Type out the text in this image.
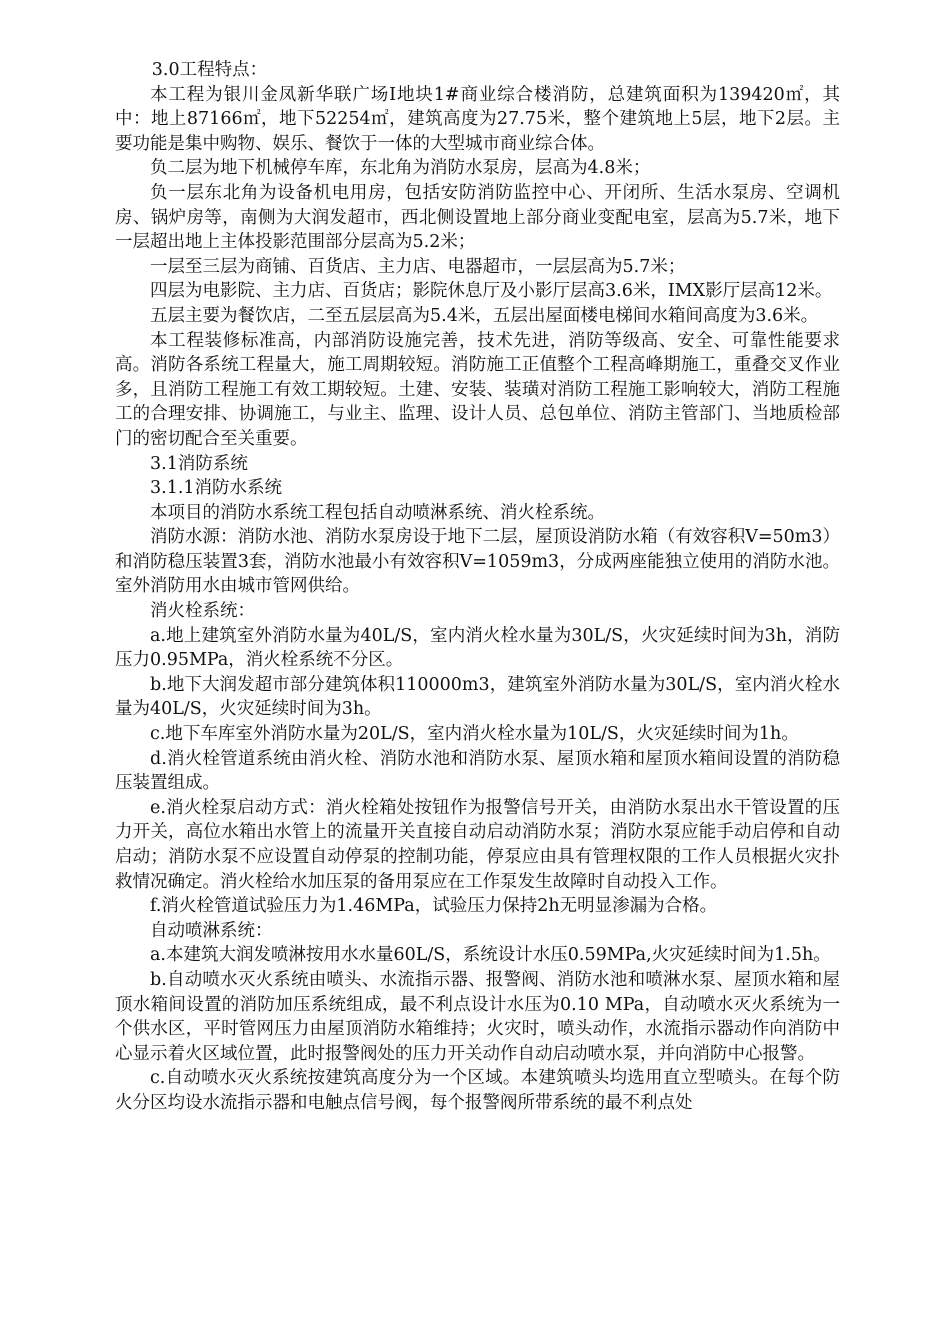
3.0工程特点：

本工程为银川金凤新华联广场Ⅰ地块1#商业综合楼消防，总建筑面积为139420㎡，其中：地上87166㎡，地下52254㎡，建筑高度为27.75米，整个建筑地上5层，地下2层。主要功能是集中购物、娱乐、餐饮于一体的大型城市商业综合体。

负二层为地下机械停车库，东北角为消防水泵房，层高为4.8米；

负一层东北角为设备机电用房，包括安防消防监控中心、开闭所、生活水泵房、空调机房、锅炉房等，南侧为大润发超市，西北侧设置地上部分商业变配电室，层高为5.7米，地下一层超出地上主体投影范围部分层高为5.2米；

一层至三层为商铺、百货店、主力店、电器超市，一层层高为5.7米；

四层为电影院、主力店、百货店；影院休息厅及小影厅层高3.6米，IMX影厅层高12米。

五层主要为餐饮店，二至五层层高为5.4米，五层出屋面楼电梯间水箱间高度为3.6米。

本工程装修标准高，内部消防设施完善，技术先进，消防等级高、安全、可靠性能要求高。消防各系统工程量大，施工周期较短。消防施工正值整个工程高峰期施工，重叠交叉作业多，且消防工程施工有效工期较短。土建、安装、装璜对消防工程施工影响较大，消防工程施工的合理安排、协调施工，与业主、监理、设计人员、总包单位、消防主管部门、当地质检部门的密切配合至关重要。

3.1消防系统

3.1.1消防水系统

本项目的消防水系统工程包括自动喷淋系统、消火栓系统。

消防水源：消防水池、消防水泵房设于地下二层，屋顶设消防水箱（有效容积V=50m3）和消防稳压装置3套，消防水池最小有效容积V=1059m3，分成两座能独立使用的消防水池。室外消防用水由城市管网供给。

消火栓系统：

a.地上建筑室外消防水量为40L/S，室内消火栓水量为30L/S，火灾延续时间为3h，消防压力0.95MPa，消火栓系统不分区。

b.地下大润发超市部分建筑体积110000m3，建筑室外消防水量为30L/S，室内消火栓水量为40L/S，火灾延续时间为3h。

c.地下车库室外消防水量为20L/S，室内消火栓水量为10L/S，火灾延续时间为1h。

d.消火栓管道系统由消火栓、消防水池和消防水泵、屋顶水箱和屋顶水箱间设置的消防稳压装置组成。

e.消火栓泵启动方式：消火栓箱处按钮作为报警信号开关，由消防水泵出水干管设置的压力开关，高位水箱出水管上的流量开关直接自动启动消防水泵；消防水泵应能手动启停和自动启动；消防水泵不应设置自动停泵的控制功能，停泵应由具有管理权限的工作人员根据火灾扑救情况确定。消火栓给水加压泵的备用泵应在工作泵发生故障时自动投入工作。

f.消火栓管道试验压力为1.46MPa，试验压力保持2h无明显渗漏为合格。

自动喷淋系统：

a.本建筑大润发喷淋按用水水量60L/S，系统设计水压0.59MPa,火灾延续时间为1.5h。

b.自动喷水灭火系统由喷头、水流指示器、报警阀、消防水池和喷淋水泵、屋顶水箱和屋顶水箱间设置的消防加压系统组成，最不利点设计水压为0.10 MPa，自动喷水灭火系统为一个供水区，平时管网压力由屋顶消防水箱维持；火灾时，喷头动作，水流指示器动作向消防中心显示着火区域位置，此时报警阀处的压力开关动作自动启动喷水泵，并向消防中心报警。

c.自动喷水灭火系统按建筑高度分为一个区域。本建筑喷头均选用直立型喷头。在每个防火分区均设水流指示器和电触点信号阀，每个报警阀所带系统的最不利点处
